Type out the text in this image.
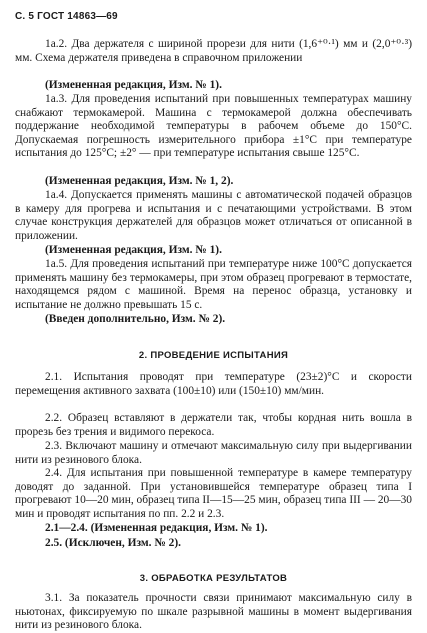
С. 5 ГОСТ 14863—69
1а.2. Два держателя с шириной прорези для нити (1,6⁺⁰·¹) мм и (2,0⁺⁰·³) мм. Схема держателя приведена в справочном приложении
(Измененная редакция, Изм. № 1).
1а.3. Для проведения испытаний при повышенных температурах машину снабжают термокамерой. Машина с термокамерой должна обеспечивать поддержание необходимой температуры в рабочем объеме до 150°С. Допускаемая погрешность измерительного прибора ±1°С при температуре испытания до 125°С; ±2° — при температуре испытания свыше 125°С.
(Измененная редакция, Изм. № 1, 2).
1а.4. Допускается применять машины с автоматической подачей образцов в камеру для прогрева и испытания и с печатающими устройствами. В этом случае конструкция держателей для образцов может отличаться от описанной в приложении.
(Измененная редакция, Изм. № 1).
1а.5. Для проведения испытаний при температуре ниже 100°С допускается применять машину без термокамеры, при этом образец прогревают в термостате, находящемся рядом с машиной. Время на перенос образца, установку и испытание не должно превышать 15 с.
(Введен дополнительно, Изм. № 2).
2. ПРОВЕДЕНИЕ ИСПЫТАНИЯ
2.1. Испытания проводят при температуре (23±2)°С и скорости перемещения активного захвата (100±10) или (150±10) мм/мин.
2.2. Образец вставляют в держатели так, чтобы кордная нить вошла в прорезь без трения и видимого перекоса.
2.3. Включают машину и отмечают максимальную силу при выдергивании нити из резинового блока.
2.4. Для испытания при повышенной температуре в камере температуру доводят до заданной. При установившейся температуре образец типа I прогревают 10—20 мин, образец типа II—15—25 мин, образец типа III — 20—30 мин и проводят испытания по пп. 2.2 и 2.3.
2.1—2.4. (Измененная редакция, Изм. № 1).
2.5. (Исключен, Изм. № 2).
3. ОБРАБОТКА РЕЗУЛЬТАТОВ
3.1. За показатель прочности связи принимают максимальную силу в ньютонах, фиксируемую по шкале разрывной машины в момент выдергивания нити из резинового блока.
